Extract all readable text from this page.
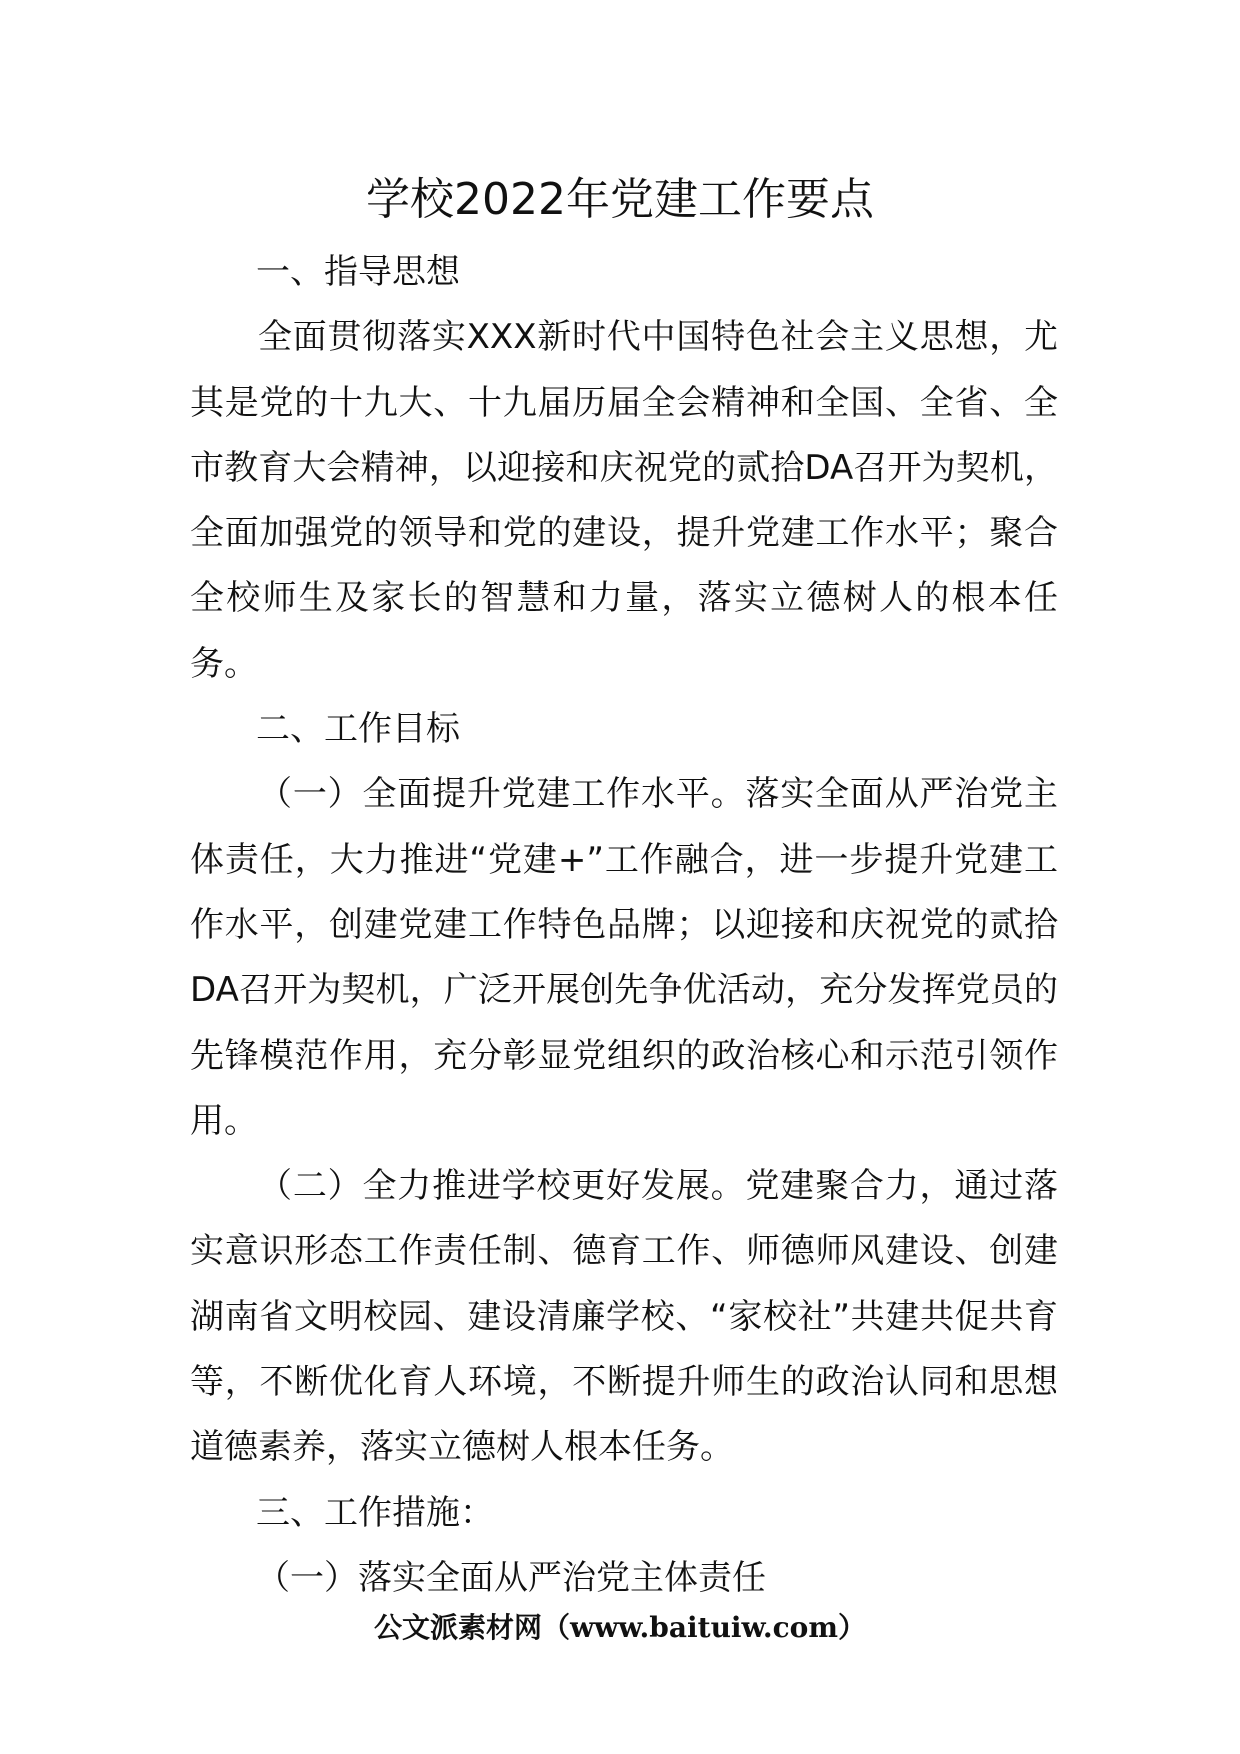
学校2022年党建工作要点

一、指导思想

全面贯彻落实XXX新时代中国特色社会主义思想，尤其是党的十九大、十九届历届全会精神和全国、全省、全市教育大会精神，以迎接和庆祝党的贰拾DA召开为契机，全面加强党的领导和党的建设，提升党建工作水平；聚合全校师生及家长的智慧和力量，落实立德树人的根本任务。

二、工作目标

（一）全面提升党建工作水平。落实全面从严治党主体责任，大力推进“党建+”工作融合，进一步提升党建工作水平，创建党建工作特色品牌；以迎接和庆祝党的贰拾DA召开为契机，广泛开展创先争优活动，充分发挥党员的先锋模范作用，充分彰显党组织的政治核心和示范引领作用。

（二）全力推进学校更好发展。党建聚合力，通过落实意识形态工作责任制、德育工作、师德师风建设、创建湖南省文明校园、建设清廉学校、“家校社”共建共促共育等，不断优化育人环境，不断提升师生的政治认同和思想道德素养，落实立德树人根本任务。

三、工作措施：

（一）落实全面从严治党主体责任

公文派素材网（www.baituiw.com）
